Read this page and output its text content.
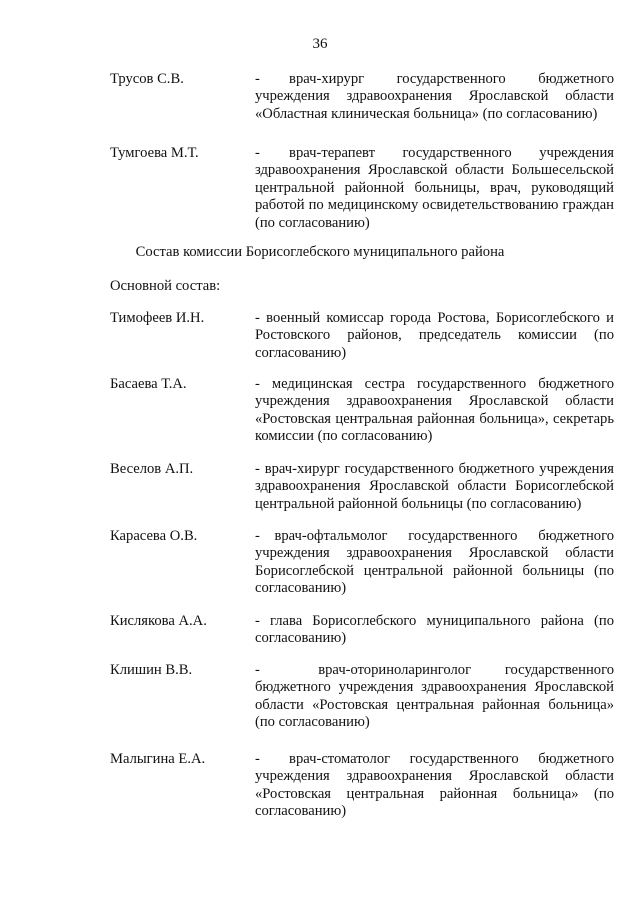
36
Трусов С.В.	-  врач-хирург государственного бюджетного учреждения здравоохранения Ярославской области «Областная клиническая больница» (по согласованию)
Тумгоева М.Т.	-  врач-терапевт государственного учреждения здравоохранения Ярославской области Большесельской центральной районной больницы, врач, руководящий работой по медицинскому освидетельствованию граждан (по согласованию)
Состав комиссии Борисоглебского муниципального района
Основной состав:
Тимофеев И.Н.	- военный комиссар города Ростова, Борисоглебского и Ростовского районов, председатель комиссии (по согласованию)
Басаева Т.А.	- медицинская сестра государственного бюджетного учреждения здравоохранения Ярославской области «Ростовская центральная районная больница», секретарь комиссии (по согласованию)
Веселов А.П.	- врач-хирург государственного бюджетного учреждения здравоохранения Ярославской области Борисоглебской центральной районной больницы (по согласованию)
Карасева О.В.	- врач-офтальмолог государственного бюджетного учреждения здравоохранения Ярославской области Борисоглебской центральной районной больницы (по согласованию)
Кислякова А.А.	- глава Борисоглебского муниципального района (по согласованию)
Клишин В.В.	-    врач-оториноларинголог государственного бюджетного учреждения здравоохранения Ярославской области «Ростовская центральная районная больница» (по согласованию)
Малыгина Е.А.	-  врач-стоматолог государственного бюджетного учреждения здравоохранения Ярославской области «Ростовская центральная районная больница» (по согласованию)
